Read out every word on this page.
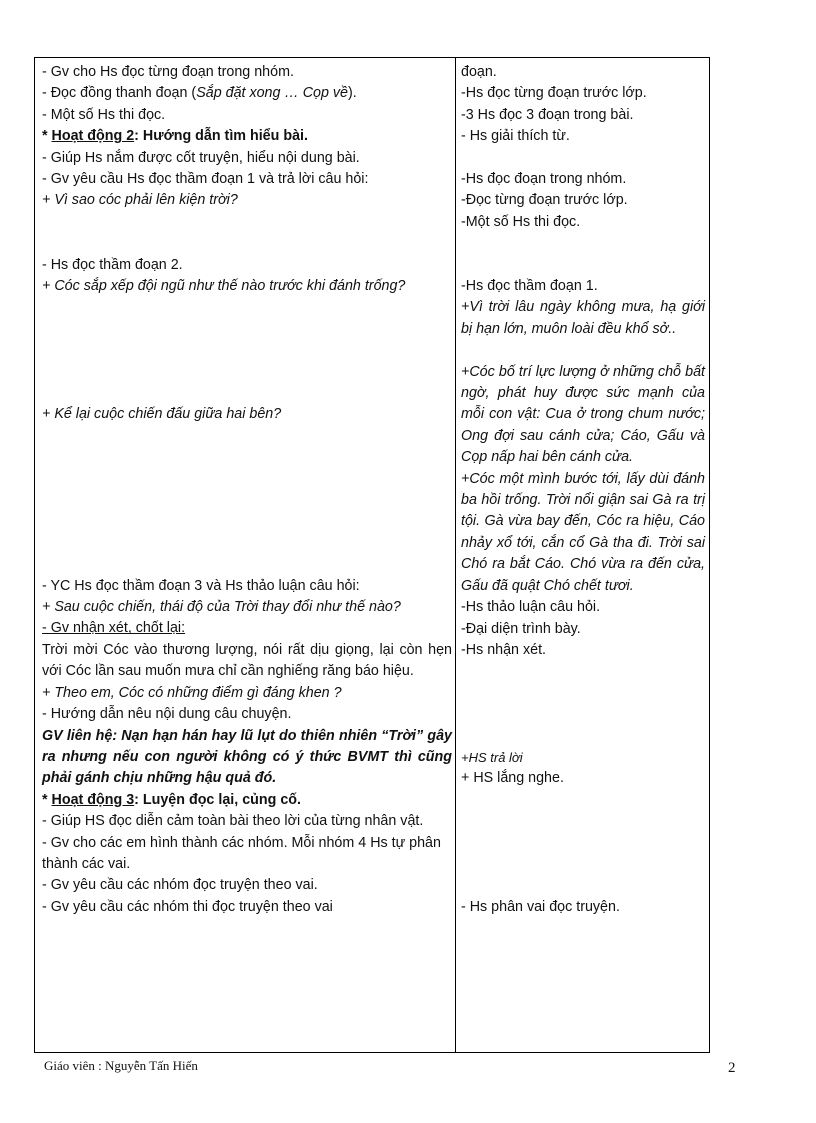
- Gv cho Hs đọc từng đoạn trong nhóm.

- Đọc đồng thanh đoạn (Sắp đặt xong … Cọp về).

- Một số Hs thi đọc.

* Hoạt động 2: Hướng dẫn tìm hiểu bài.

- Giúp Hs nắm được cốt truyện, hiểu nội dung bài.

- Gv yêu cầu Hs đọc thầm đoạn 1 và trả lời câu hỏi:

+ Vì sao cóc phải lên kiện trời?

- Hs đọc thầm đoạn 2.

+ Cóc sắp xếp đội ngũ như thế nào trước khi đánh trống?

+ Kể lại cuộc chiến đấu giữa hai bên?

- YC Hs đọc thầm đoạn 3 và Hs thảo luận câu hỏi:

+ Sau cuộc chiến, thái độ của Trời thay đổi như thế nào?

- Gv nhận xét, chốt lại:

Trời mời Cóc vào thương lượng, nói rất dịu giọng, lại còn hẹn với Cóc lần sau muốn mưa chỉ cần nghiếng răng báo hiệu.

+ Theo em, Cóc có những điểm gì đáng khen ?

- Hướng dẫn nêu nội dung câu chuyện.

GV liên hệ: Nạn hạn hán hay lũ lụt do thiên nhiên “Trời” gây ra nhưng nếu con người không có ý thức BVMT thì cũng phải gánh chịu những hậu quả đó.

* Hoạt động 3: Luyện đọc lại, củng cố.

- Giúp HS đọc diễn cảm toàn bài theo lời của từng nhân vật.

- Gv cho các em hình thành các nhóm. Mỗi nhóm 4 Hs tự phân thành các vai.

- Gv yêu cầu các nhóm đọc truyện theo vai.

- Gv yêu cầu các nhóm thi đọc truyện theo vai

đoạn.

-Hs đọc từng đoạn trước lớp.

-3 Hs đọc 3 đoạn trong bài.

- Hs giải thích từ.

-Hs đọc đoạn trong nhóm.

-Đọc từng đoạn trước lớp.

-Một số Hs thi đọc.

-Hs đọc thầm đoạn 1.

+Vì trời lâu ngày không mưa, hạ giới bị hạn lớn, muôn loài đều khổ sở..

+Cóc bố trí lực lượng ở những chỗ bất ngờ, phát huy được sức mạnh của mỗi con vật: Cua ở trong chum nước; Ong đợi sau cánh cửa; Cáo, Gấu và Cọp nấp hai bên cánh cửa.

+Cóc một mình bước tới, lấy dùi đánh ba hồi trống. Trời nổi giận sai Gà ra trị tội. Gà vừa bay đến, Cóc ra hiệu, Cáo nhảy xổ tới, cắn cổ Gà tha đi. Trời sai Chó ra bắt Cáo. Chó vừa ra đến cửa, Gấu đã quật Chó chết tươi.

-Hs thảo luận câu hỏi.

-Đại diện trình bày.

-Hs nhận xét.

+HS trả lời

+ HS lắng nghe.

- Hs phân vai đọc truyện.

Giáo viên : Nguyễn Tấn Hiến	2
